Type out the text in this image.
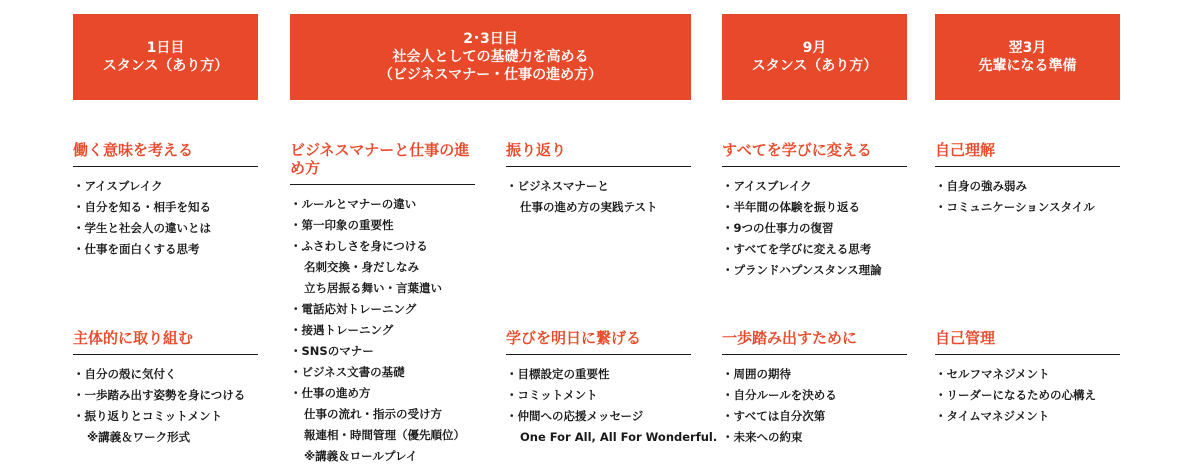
1日目
スタンス（あり方）
2･3日目
社会人としての基礎力を高める
（ビジネスマナー・仕事の進め方）
9月
スタンス（あり方）
翌3月
先輩になる準備

働く意味を考える

・アイスブレイク
・自分を知る・相手を知る
・学生と社会人の違いとは
・仕事を面白くする思考

主体的に取り組む

・自分の殻に気付く
・一歩踏み出す姿勢を身につける
・振り返りとコミットメント
※講義＆ワーク形式

ビジネスマナーと仕事の進め方

・ルールとマナーの違い
・第一印象の重要性
・ふさわしさを身につける
名刺交換・身だしなみ
立ち居振る舞い・言葉遣い
・電話応対トレーニング
・接遇トレーニング
・SNSのマナー
・ビジネス文書の基礎
・仕事の進め方
仕事の流れ・指示の受け方
報連相・時間管理（優先順位）
※講義＆ロールプレイ

振り返り

・ビジネスマナーと
仕事の進め方の実践テスト

学びを明日に繋げる

・目標設定の重要性
・コミットメント
・仲間への応援メッセージ
One For All, All For Wonderful.

すべてを学びに変える

・アイスブレイク
・半年間の体験を振り返る
・9つの仕事力の復習
・すべてを学びに変える思考
・プランドハプンスタンス理論

一歩踏み出すために

・周囲の期待
・自分ルールを決める
・すべては自分次第
・未来への約束

自己理解

・自身の強み弱み
・コミュニケーションスタイル

自己管理

・セルフマネジメント
・リーダーになるための心構え
・タイムマネジメント
